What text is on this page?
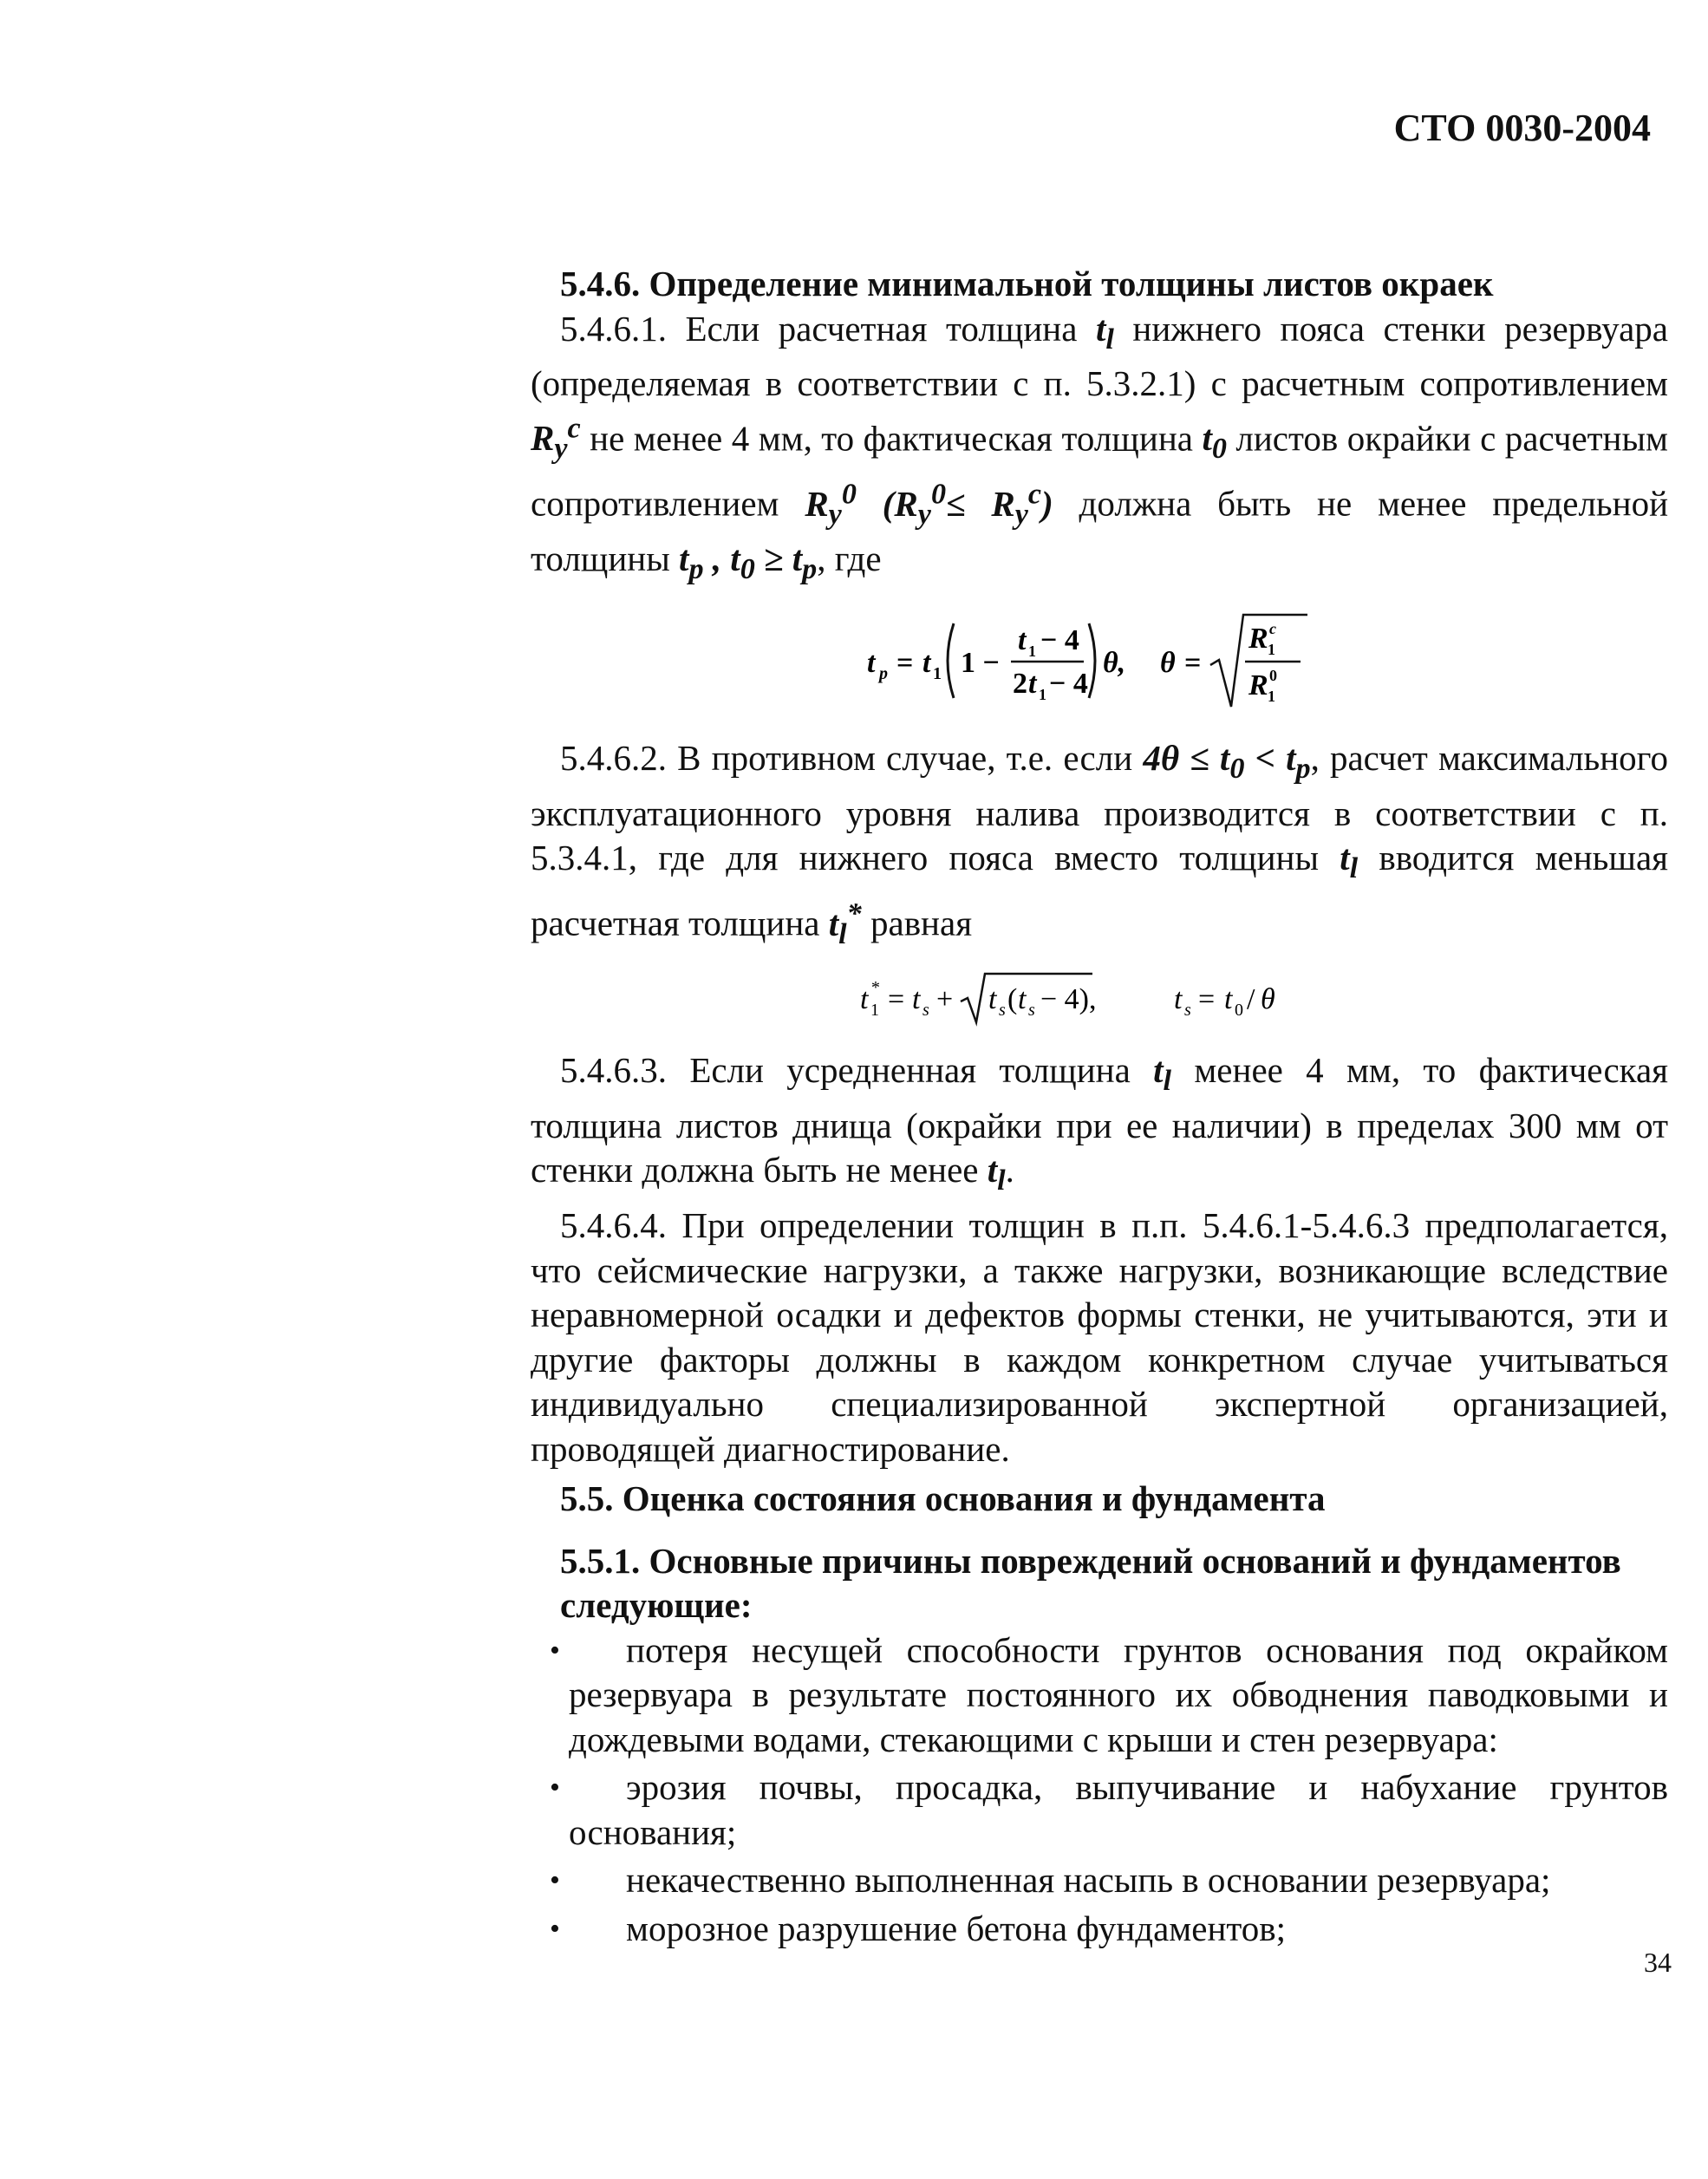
СТО 0030-2004

5.4.6. Определение минимальной толщины листов окраек

5.4.6.1. Если расчетная толщина $t_l$ нижнего пояса стенки резервуара (определяемая в соответствии с п. 5.3.2.1) с расчетным сопротивлением $R_y^c$ не менее 4 мм, то фактическая толщина $t_0$ листов окрайки с расчетным сопротивлением $R_y^0$ $(R_y^0\le R_y^c)$ должна быть не менее предельной толщины $t_p$ , $t_0 \ge t_p$, где

t p = t 1 1 −
t 1 − 4
2 t 1 − 4
θ, θ =
R 1
c
R 1
0

5.4.6.2. В противном случае, т.е. если $4\theta \le t_0 < t_p$, расчет максимального эксплуатационного уровня налива производится в соответствии с п. 5.3.4.1, где для нижнего пояса вместо толщины $t_l$ вводится меньшая расчетная толщина $t_l^*$ равная

t 1
* = t s + t s ( t s − 4),	t s = t 0 / θ

5.4.6.3. Если усредненная толщина $t_l$ менее 4 мм, то фактическая толщина листов днища (окрайки при ее наличии) в пределах 300 мм от стенки должна быть не менее $t_l$.

5.4.6.4. При определении толщин в п.п. 5.4.6.1-5.4.6.3 предполагается, что сейсмические нагрузки, а также нагрузки, возникающие вследствие неравномерной осадки и дефектов формы стенки, не учитываются, эти и другие факторы должны в каждом конкретном случае учитываться индивидуально специализированной экспертной организацией, проводящей диагностирование.

5.5. Оценка состояния основания и фундамента

5.5.1. Основные причины повреждений оснований и фундаментов следующие:

•	потеря несущей способности грунтов основания под окрайком резервуара в результате постоянного их обводнения паводковыми и дождевыми водами, стекающими с крыши и стен резервуара:
•	эрозия почвы, просадка, выпучивание и набухание грунтов основания;
•	некачественно выполненная насыпь в основании резервуара;
•	морозное разрушение бетона фундаментов;
34
